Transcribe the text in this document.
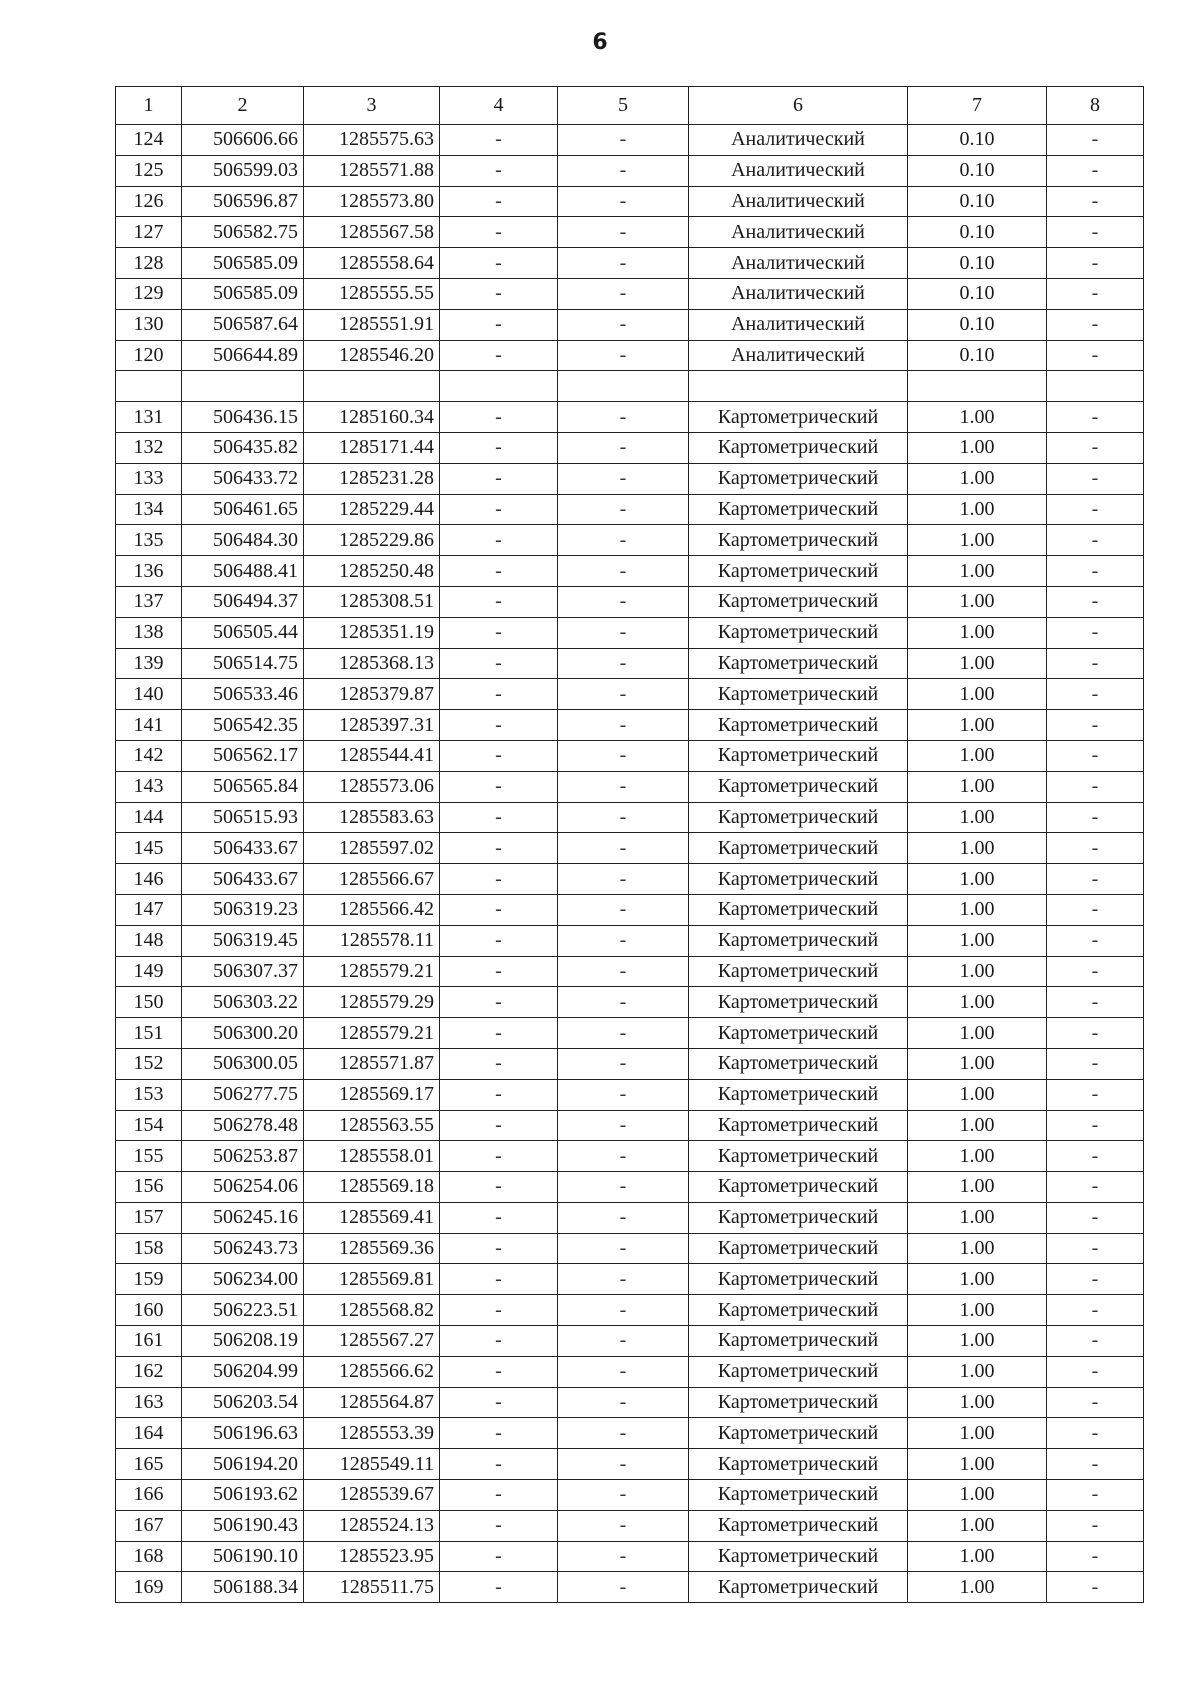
6
1	2	3	4	5	6	7	8
124	506606.66	1285575.63	-	-	Аналитический	0.10	-
125	506599.03	1285571.88	-	-	Аналитический	0.10	-
126	506596.87	1285573.80	-	-	Аналитический	0.10	-
127	506582.75	1285567.58	-	-	Аналитический	0.10	-
128	506585.09	1285558.64	-	-	Аналитический	0.10	-
129	506585.09	1285555.55	-	-	Аналитический	0.10	-
130	506587.64	1285551.91	-	-	Аналитический	0.10	-
120	506644.89	1285546.20	-	-	Аналитический	0.10	-

131	506436.15	1285160.34	-	-	Картометрический	1.00	-
132	506435.82	1285171.44	-	-	Картометрический	1.00	-
133	506433.72	1285231.28	-	-	Картометрический	1.00	-
134	506461.65	1285229.44	-	-	Картометрический	1.00	-
135	506484.30	1285229.86	-	-	Картометрический	1.00	-
136	506488.41	1285250.48	-	-	Картометрический	1.00	-
137	506494.37	1285308.51	-	-	Картометрический	1.00	-
138	506505.44	1285351.19	-	-	Картометрический	1.00	-
139	506514.75	1285368.13	-	-	Картометрический	1.00	-
140	506533.46	1285379.87	-	-	Картометрический	1.00	-
141	506542.35	1285397.31	-	-	Картометрический	1.00	-
142	506562.17	1285544.41	-	-	Картометрический	1.00	-
143	506565.84	1285573.06	-	-	Картометрический	1.00	-
144	506515.93	1285583.63	-	-	Картометрический	1.00	-
145	506433.67	1285597.02	-	-	Картометрический	1.00	-
146	506433.67	1285566.67	-	-	Картометрический	1.00	-
147	506319.23	1285566.42	-	-	Картометрический	1.00	-
148	506319.45	1285578.11	-	-	Картометрический	1.00	-
149	506307.37	1285579.21	-	-	Картометрический	1.00	-
150	506303.22	1285579.29	-	-	Картометрический	1.00	-
151	506300.20	1285579.21	-	-	Картометрический	1.00	-
152	506300.05	1285571.87	-	-	Картометрический	1.00	-
153	506277.75	1285569.17	-	-	Картометрический	1.00	-
154	506278.48	1285563.55	-	-	Картометрический	1.00	-
155	506253.87	1285558.01	-	-	Картометрический	1.00	-
156	506254.06	1285569.18	-	-	Картометрический	1.00	-
157	506245.16	1285569.41	-	-	Картометрический	1.00	-
158	506243.73	1285569.36	-	-	Картометрический	1.00	-
159	506234.00	1285569.81	-	-	Картометрический	1.00	-
160	506223.51	1285568.82	-	-	Картометрический	1.00	-
161	506208.19	1285567.27	-	-	Картометрический	1.00	-
162	506204.99	1285566.62	-	-	Картометрический	1.00	-
163	506203.54	1285564.87	-	-	Картометрический	1.00	-
164	506196.63	1285553.39	-	-	Картометрический	1.00	-
165	506194.20	1285549.11	-	-	Картометрический	1.00	-
166	506193.62	1285539.67	-	-	Картометрический	1.00	-
167	506190.43	1285524.13	-	-	Картометрический	1.00	-
168	506190.10	1285523.95	-	-	Картометрический	1.00	-
169	506188.34	1285511.75	-	-	Картометрический	1.00	-
